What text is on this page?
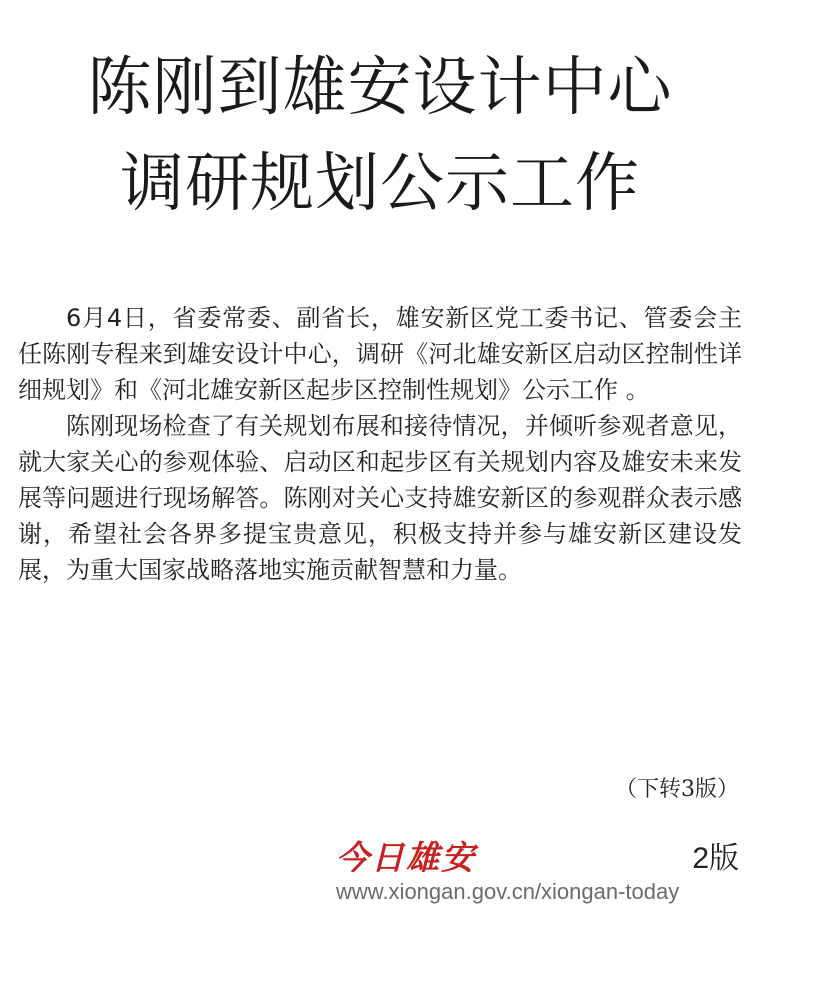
陈刚到雄安设计中心
调研规划公示工作

6月4日，省委常委、副省长，雄安新区党工委书记、管委会主任陈刚专程来到雄安设计中心，调研《河北雄安新区启动区控制性详细规划》和《河北雄安新区起步区控制性规划》公示工作 。

陈刚现场检查了有关规划布展和接待情况，并倾听参观者意见，就大家关心的参观体验、启动区和起步区有关规划内容及雄安未来发展等问题进行现场解答。陈刚对关心支持雄安新区的参观群众表示感谢，希望社会各界多提宝贵意见，积极支持并参与雄安新区建设发展，为重大国家战略落地实施贡献智慧和力量。

（下转3版）
今日雄安	2版
www.xiongan.gov.cn/xiongan-today
